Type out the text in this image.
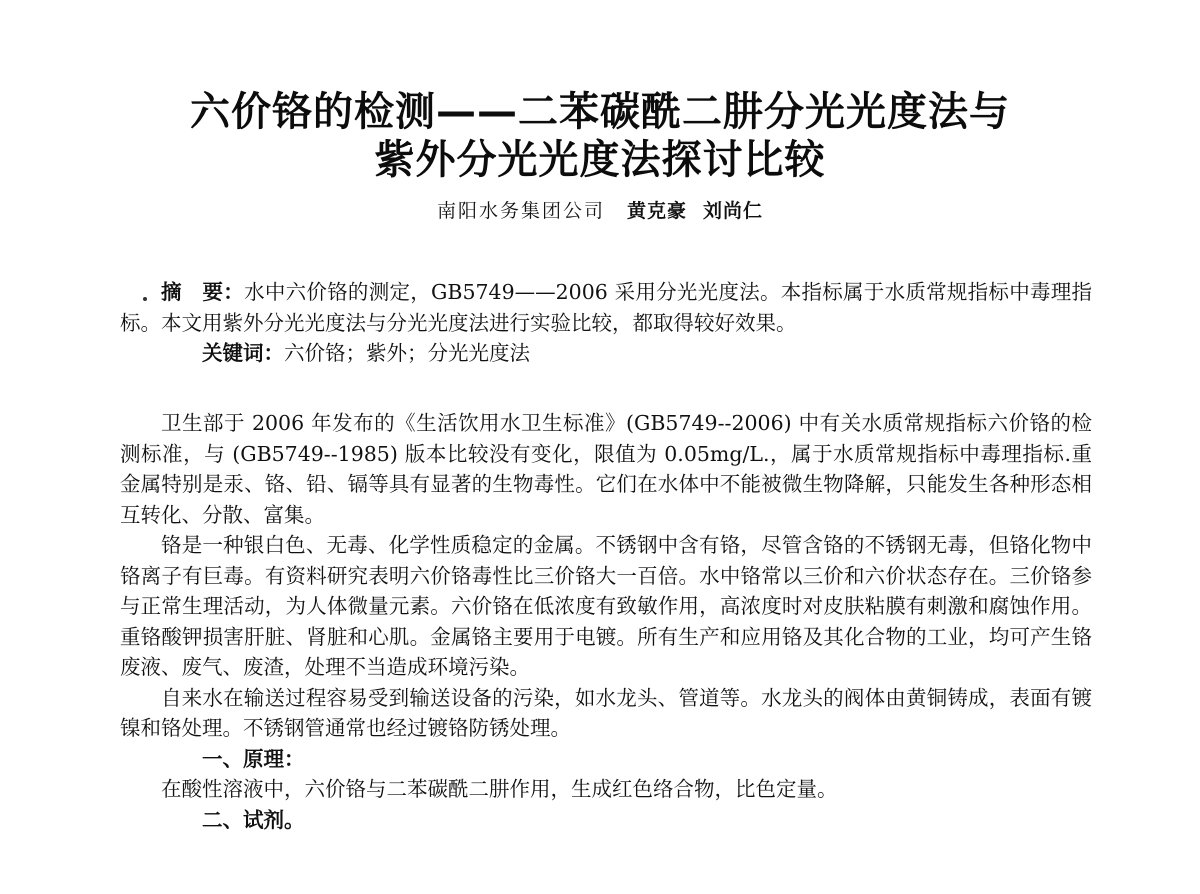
六价铬的检测——二苯碳酰二肼分光光度法与
紫外分光光度法探讨比较
南阳水务集团公司 黄克豪 刘尚仁

摘　要：水中六价铬的测定，GB5749——2006 采用分光光度法。本指标属于水质常规指标中毒理指标。本文用紫外分光光度法与分光光度法进行实验比较，都取得较好效果。

关键词：六价铬；紫外；分光光度法

卫生部于 2006 年发布的《生活饮用水卫生标准》(GB5749--2006) 中有关水质常规指标六价铬的检测标准，与 (GB5749--1985) 版本比较没有变化，限值为 0.05mg/L.，属于水质常规指标中毒理指标.重金属特别是汞、铬、铅、镉等具有显著的生物毒性。它们在水体中不能被微生物降解，只能发生各种形态相互转化、分散、富集。

铬是一种银白色、无毒、化学性质稳定的金属。不锈钢中含有铬，尽管含铬的不锈钢无毒，但铬化物中铬离子有巨毒。有资料研究表明六价铬毒性比三价铬大一百倍。水中铬常以三价和六价状态存在。三价铬参与正常生理活动，为人体微量元素。六价铬在低浓度有致敏作用，高浓度时对皮肤粘膜有刺激和腐蚀作用。重铬酸钾损害肝脏、肾脏和心肌。金属铬主要用于电镀。所有生产和应用铬及其化合物的工业，均可产生铬废液、废气、废渣，处理不当造成环境污染。

自来水在输送过程容易受到输送设备的污染，如水龙头、管道等。水龙头的阀体由黄铜铸成，表面有镀镍和铬处理。不锈钢管通常也经过镀铬防锈处理。

一、原理：

在酸性溶液中，六价铬与二苯碳酰二肼作用，生成红色络合物，比色定量。

二、试剂。
